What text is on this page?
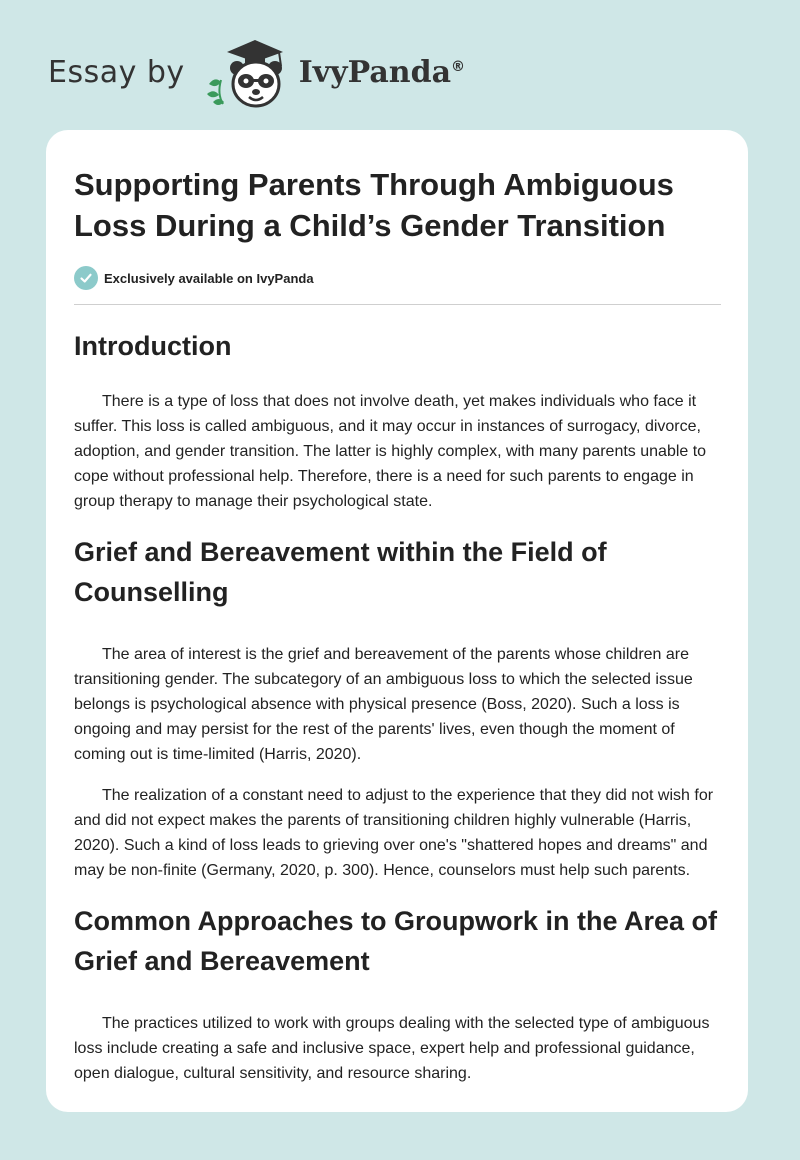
Essay by	IvyPanda®
Supporting Parents Through Ambiguous Loss During a Child’s Gender Transition
Exclusively available on IvyPanda
Introduction

There is a type of loss that does not involve death, yet makes individuals who face it suffer. This loss is called ambiguous, and it may occur in instances of surrogacy, divorce, adoption, and gender transition. The latter is highly complex, with many parents unable to cope without professional help. Therefore, there is a need for such parents to engage in group therapy to manage their psychological state.

Grief and Bereavement within the Field of Counselling

The area of interest is the grief and bereavement of the parents whose children are transitioning gender. The subcategory of an ambiguous loss to which the selected issue belongs is psychological absence with physical presence (Boss, 2020). Such a loss is ongoing and may persist for the rest of the parents' lives, even though the moment of coming out is time-limited (Harris, 2020).

The realization of a constant need to adjust to the experience that they did not wish for and did not expect makes the parents of transitioning children highly vulnerable (Harris, 2020). Such a kind of loss leads to grieving over one's "shattered hopes and dreams" and may be non-finite (Germany, 2020, p. 300). Hence, counselors must help such parents.

Common Approaches to Groupwork in the Area of Grief and Bereavement

The practices utilized to work with groups dealing with the selected type of ambiguous loss include creating a safe and inclusive space, expert help and professional guidance, open dialogue, cultural sensitivity, and resource sharing.
